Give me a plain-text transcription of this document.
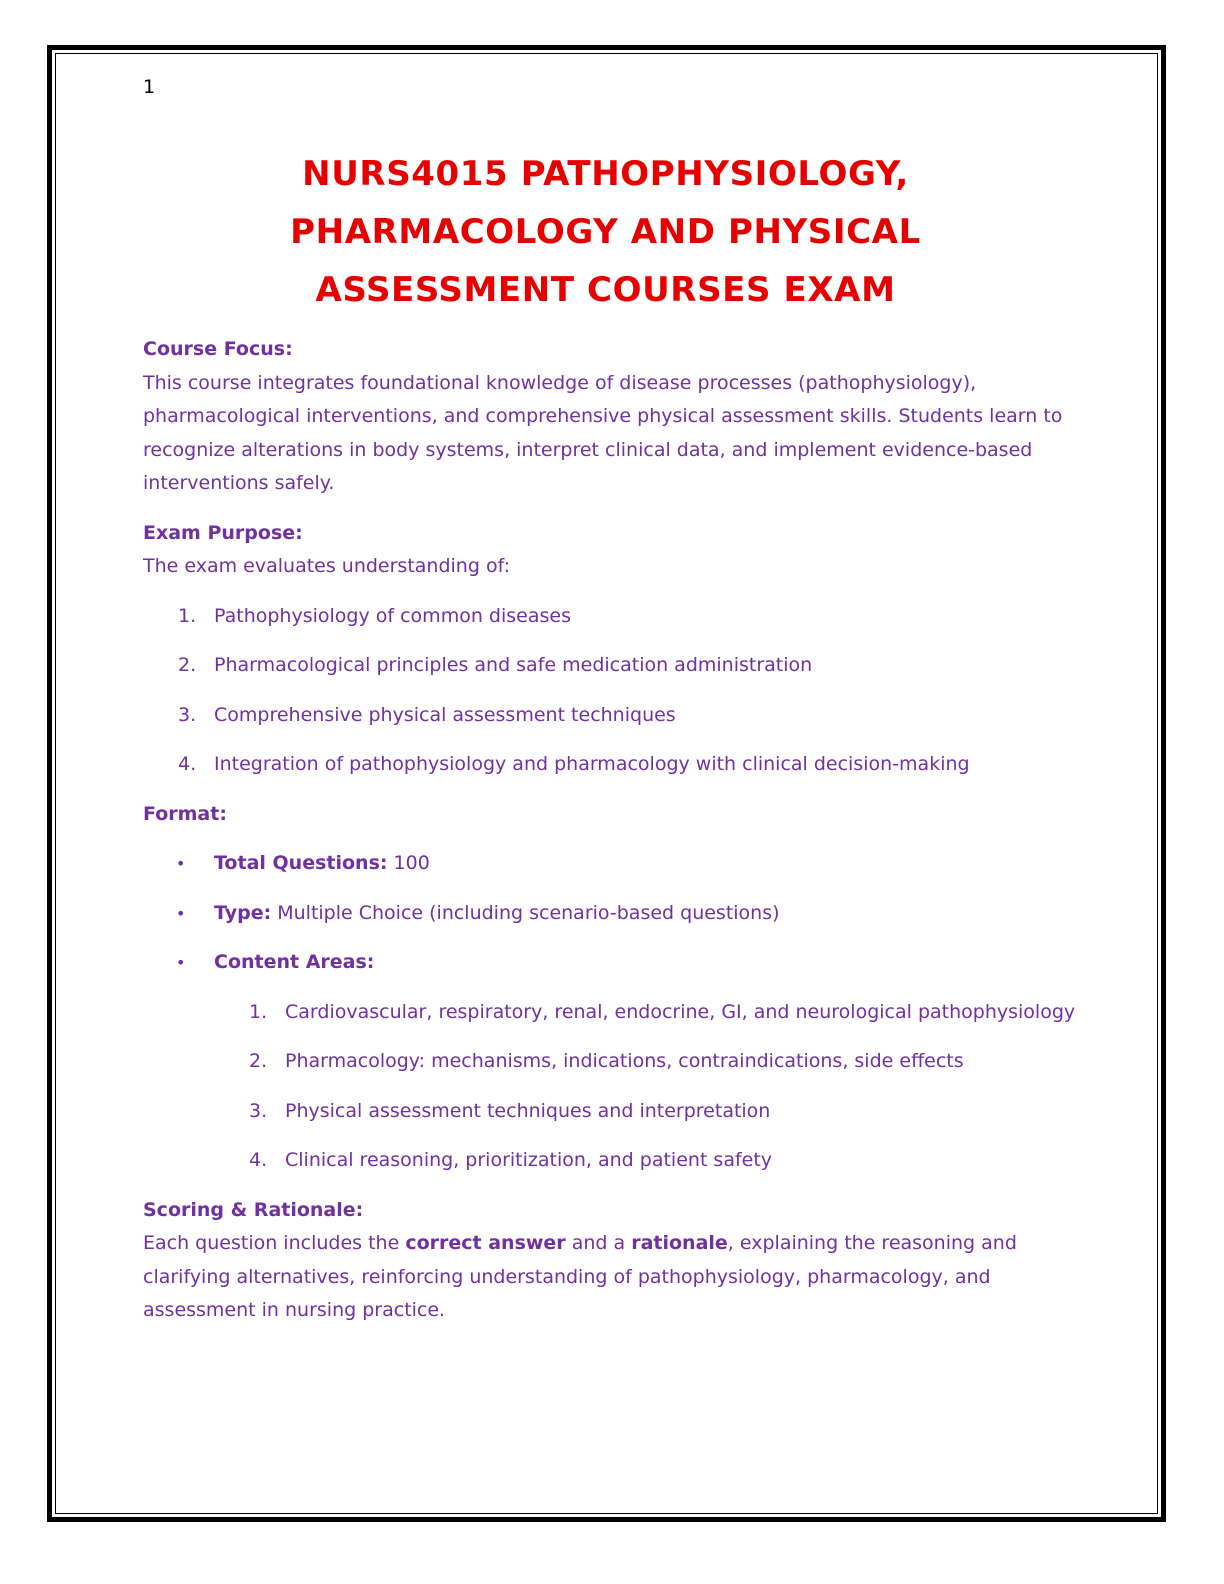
1
NURS4015 PATHOPHYSIOLOGY,
PHARMACOLOGY AND PHYSICAL
ASSESSMENT COURSES EXAM

Course Focus:

This course integrates foundational knowledge of disease processes (pathophysiology), pharmacological interventions, and comprehensive physical assessment skills. Students learn to recognize alterations in body systems, interpret clinical data, and implement evidence-based interventions safely.

Exam Purpose:

The exam evaluates understanding of:

1. Pathophysiology of common diseases
2. Pharmacological principles and safe medication administration
3. Comprehensive physical assessment techniques
4. Integration of pathophysiology and pharmacology with clinical decision-making

Format:

• Total Questions: 100
• Type: Multiple Choice (including scenario-based questions)
• Content Areas:
1. Cardiovascular, respiratory, renal, endocrine, GI, and neurological pathophysiology
2. Pharmacology: mechanisms, indications, contraindications, side effects
3. Physical assessment techniques and interpretation
4. Clinical reasoning, prioritization, and patient safety

Scoring & Rationale:

Each question includes the correct answer and a rationale, explaining the reasoning and clarifying alternatives, reinforcing understanding of pathophysiology, pharmacology, and assessment in nursing practice.
